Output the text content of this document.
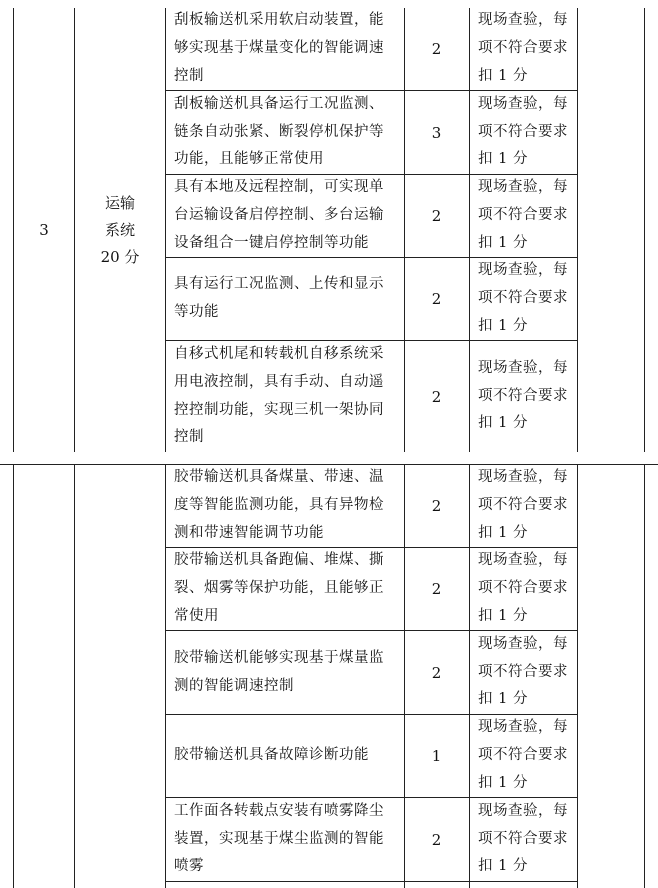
3
运输
系统
20 分
刮板输送机采用软启动装置，能够实现基于煤量变化的智能调速控制
2
现场查验，每项不符合要求扣 1 分
刮板输送机具备运行工况监测、链条自动张紧、断裂停机保护等功能，且能够正常使用
3
现场查验，每项不符合要求扣 1 分
具有本地及远程控制，可实现单台运输设备启停控制、多台运输设备组合一键启停控制等功能
2
现场查验，每项不符合要求扣 1 分
具有运行工况监测、上传和显示等功能
2
现场查验，每项不符合要求扣 1 分
自移式机尾和转载机自移系统采用电液控制，具有手动、自动遥控控制功能，实现三机一架协同控制
2
现场查验，每项不符合要求扣 1 分
胶带输送机具备煤量、带速、温度等智能监测功能，具有异物检测和带速智能调节功能
2
现场查验，每项不符合要求扣 1 分
胶带输送机具备跑偏、堆煤、撕裂、烟雾等保护功能，且能够正常使用
2
现场查验，每项不符合要求扣 1 分
胶带输送机能够实现基于煤量监测的智能调速控制
2
现场查验，每项不符合要求扣 1 分
胶带输送机具备故障诊断功能	1
现场查验，每项不符合要求扣 1 分
工作面各转载点安装有喷雾降尘装置，实现基于煤尘监测的智能喷雾
2
现场查验，每项不符合要求扣 1 分
